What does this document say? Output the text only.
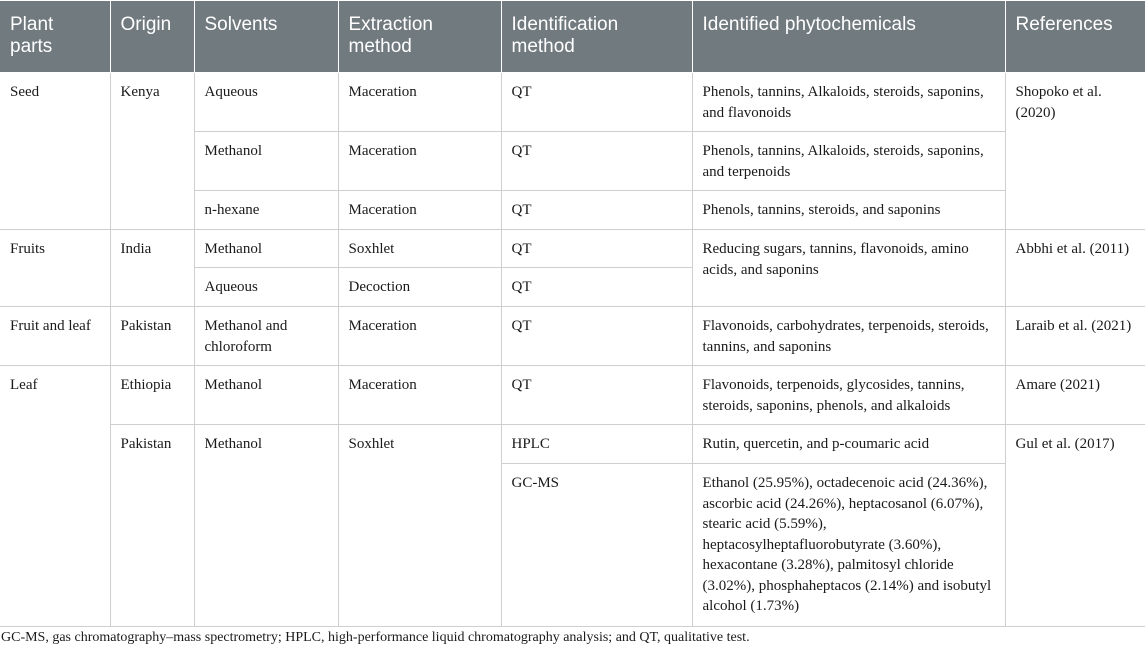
Plant parts	Origin	Solvents	Extraction method	Identification method	Identified phytochemicals	References
Seed	Kenya	Aqueous	Maceration	QT	Phenols, tannins, Alkaloids, steroids, saponins, and flavonoids	Shopoko et al. (2020)
		Methanol	Maceration	QT	Phenols, tannins, Alkaloids, steroids, saponins, and terpenoids	
		n-hexane	Maceration	QT	Phenols, tannins, steroids, and saponins	

Fruits	India	Methanol	Soxhlet	QT	Reducing sugars, tannins, flavonoids, amino acids, and saponins	Abbhi et al. (2011)
		Aqueous	Decoction	QT		
Fruit and leaf	Pakistan	Methanol and chloroform	Maceration	QT	Flavonoids, carbohydrates, terpenoids, steroids, tannins, and saponins	Laraib et al. (2021)
Leaf	Ethiopia	Methanol	Maceration	QT	Flavonoids, terpenoids, glycosides, tannins, steroids, saponins, phenols, and alkaloids	Amare (2021)
	Pakistan	Methanol	Soxhlet	HPLC	Rutin, quercetin, and p-coumaric acid	Gul et al. (2017)
				GC-MS	Ethanol (25.95%), octadecenoic acid (24.36%), ascorbic acid (24.26%), heptacosanol (6.07%), stearic acid (5.59%), heptacosylheptafluorobutyrate (3.60%), hexacontane (3.28%), palmitosyl chloride (3.02%), phosphaheptacos (2.14%) and isobutyl alcohol (1.73%)	
GC-MS, gas chromatography–mass spectrometry; HPLC, high-performance liquid chromatography analysis; and QT, qualitative test.
